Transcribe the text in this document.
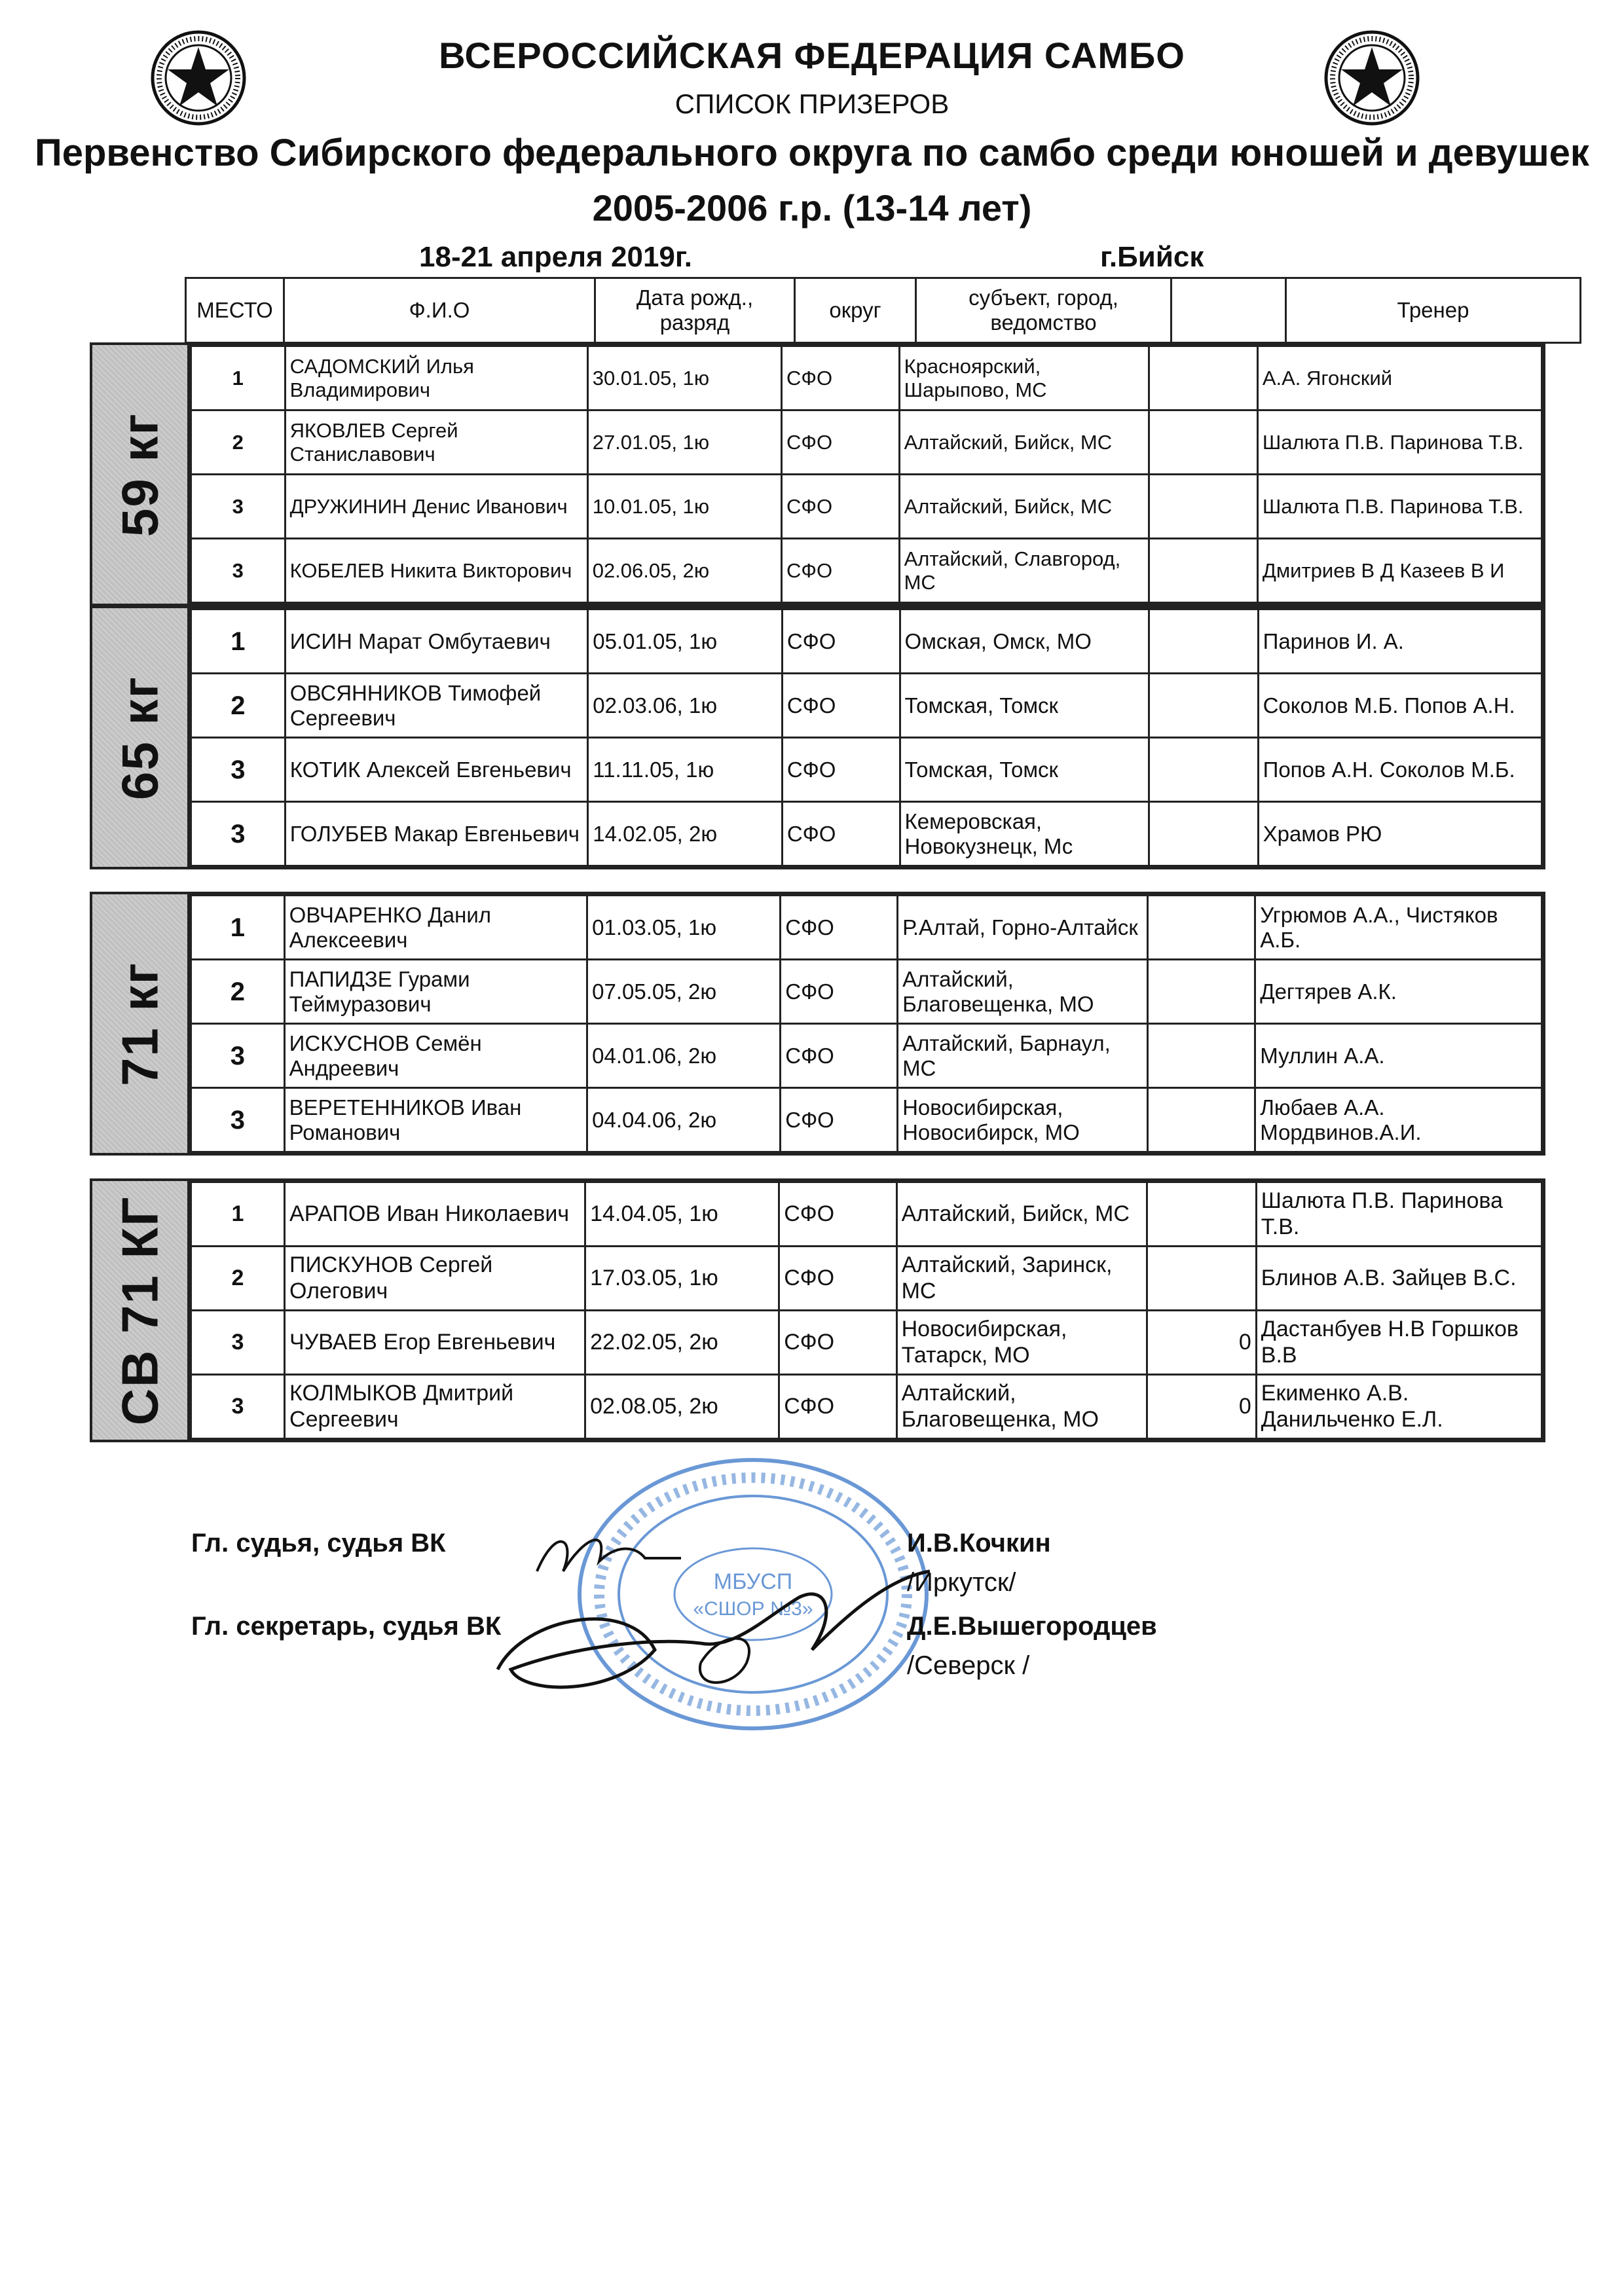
ВСЕРОССИЙСКАЯ ФЕДЕРАЦИЯ САМБО
СПИСОК ПРИЗЕРОВ
Первенство Сибирского федерального округа по самбо среди юношей и девушек
2005-2006 г.р. (13-14 лет)
18-21 апреля 2019г.	г.Бийск
МЕСТО	Ф.И.О	Дата рожд., разряд	округ	субъект, город, ведомство		Тренер
59 кг
1	САДОМСКИЙ Илья Владимирович	30.01.05, 1ю	СФО	Красноярский, Шарыпово, МС		А.А. Ягонский
2	ЯКОВЛЕВ Сергей Станиславович	27.01.05, 1ю	СФО	Алтайский, Бийск, МС		Шалюта П.В. Паринова Т.В.
3	ДРУЖИНИН Денис Иванович	10.01.05, 1ю	СФО	Алтайский, Бийск, МС		Шалюта П.В. Паринова Т.В.
3	КОБЕЛЕВ Никита Викторович	02.06.05, 2ю	СФО	Алтайский, Славгород, МС		Дмитриев В Д Казеев В И
65 кг
1	ИСИН Марат Омбутаевич	05.01.05, 1ю	СФО	Омская, Омск, МО		Паринов И. А.
2	ОВСЯННИКОВ Тимофей Сергеевич	02.03.06, 1ю	СФО	Томская, Томск		Соколов М.Б. Попов А.Н.
3	КОТИК Алексей Евгеньевич	11.11.05, 1ю	СФО	Томская, Томск		Попов А.Н. Соколов М.Б.
3	ГОЛУБЕВ Макар Евгеньевич	14.02.05, 2ю	СФО	Кемеровская, Новокузнецк, Мс		Храмов РЮ
71 кг
1	ОВЧАРЕНКО Данил Алексеевич	01.03.05, 1ю	СФО	Р.Алтай, Горно-Алтайск		Угрюмов А.А., Чистяков А.Б.
2	ПАПИДЗЕ Гурами Теймуразович	07.05.05, 2ю	СФО	Алтайский, Благовещенка, МО		Дегтярев А.К.
3	ИСКУСНОВ Семён Андреевич	04.01.06, 2ю	СФО	Алтайский, Барнаул, МС		Муллин А.А.
3	ВЕРЕТЕННИКОВ Иван Романович	04.04.06, 2ю	СФО	Новосибирская, Новосибирск, МО		Любаев А.А. Мордвинов.А.И.
СВ 71 КГ	1	АРАПОВ Иван Николаевич	14.04.05, 1ю	СФО	Алтайский, Бийск, МС		Шалюта П.В. Паринова Т.В.
2	ПИСКУНОВ Сергей Олегович	17.03.05, 1ю	СФО	Алтайский, Заринск, МС		Блинов А.В. Зайцев В.С.
3	ЧУВАЕВ Егор Евгеньевич	22.02.05, 2ю	СФО	Новосибирская, Татарск, МО	0	Дастанбуев Н.В Горшков В.В
3	КОЛМЫКОВ Дмитрий Сергеевич	02.08.05, 2ю	СФО	Алтайский, Благовещенка, МО	0	Екименко А.В. Данильченко Е.Л.
МБУСП
«СШОР №3»
Гл. судья, судья ВК	И.В.Кочкин
/Иркутск/
Гл. секретарь, судья ВК	Д.Е.Вышегородцев
/Северск /
